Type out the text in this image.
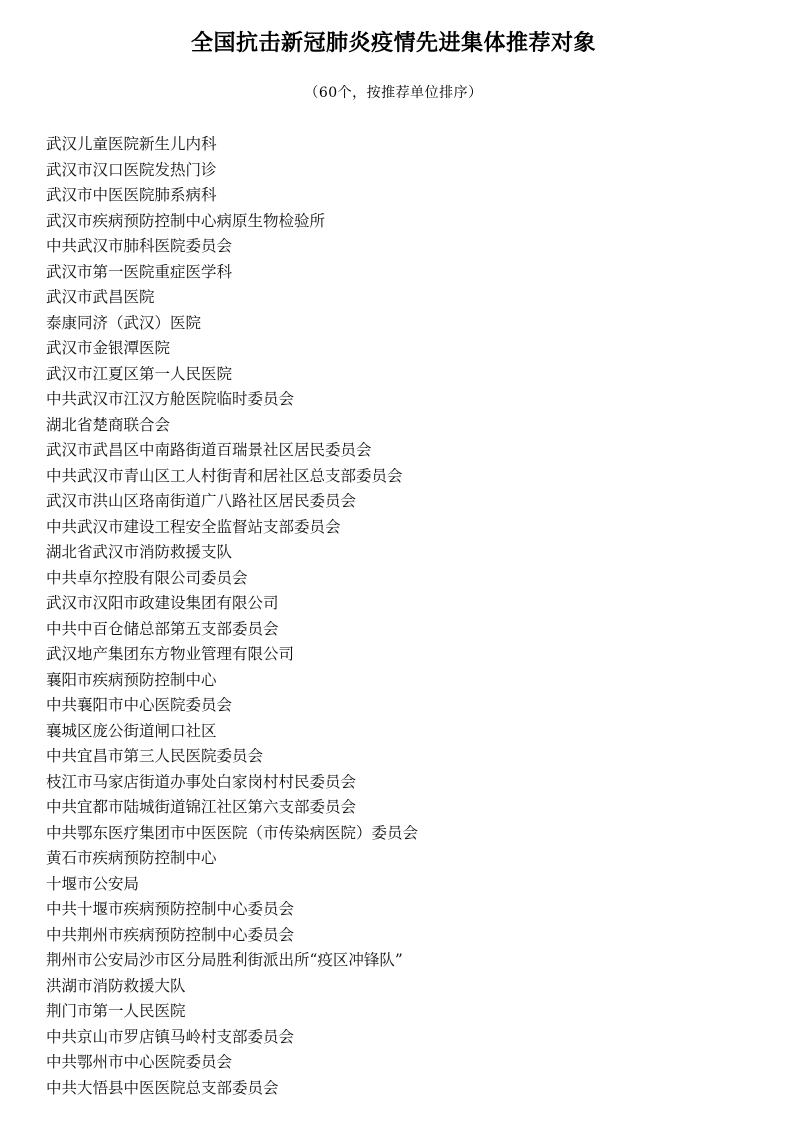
全国抗击新冠肺炎疫情先进集体推荐对象

（60个，按推荐单位排序）

武汉儿童医院新生儿内科
武汉市汉口医院发热门诊
武汉市中医医院肺系病科
武汉市疾病预防控制中心病原生物检验所
中共武汉市肺科医院委员会
武汉市第一医院重症医学科
武汉市武昌医院
泰康同济（武汉）医院
武汉市金银潭医院
武汉市江夏区第一人民医院
中共武汉市江汉方舱医院临时委员会
湖北省楚商联合会
武汉市武昌区中南路街道百瑞景社区居民委员会
中共武汉市青山区工人村街青和居社区总支部委员会
武汉市洪山区珞南街道广八路社区居民委员会
中共武汉市建设工程安全监督站支部委员会
湖北省武汉市消防救援支队
中共卓尔控股有限公司委员会
武汉市汉阳市政建设集团有限公司
中共中百仓储总部第五支部委员会
武汉地产集团东方物业管理有限公司
襄阳市疾病预防控制中心
中共襄阳市中心医院委员会
襄城区庞公街道闸口社区
中共宜昌市第三人民医院委员会
枝江市马家店街道办事处白家岗村村民委员会
中共宜都市陆城街道锦江社区第六支部委员会
中共鄂东医疗集团市中医医院（市传染病医院）委员会
黄石市疾病预防控制中心
十堰市公安局
中共十堰市疾病预防控制中心委员会
中共荆州市疾病预防控制中心委员会
荆州市公安局沙市区分局胜利街派出所“疫区冲锋队”
洪湖市消防救援大队
荆门市第一人民医院
中共京山市罗店镇马岭村支部委员会
中共鄂州市中心医院委员会
中共大悟县中医医院总支部委员会
